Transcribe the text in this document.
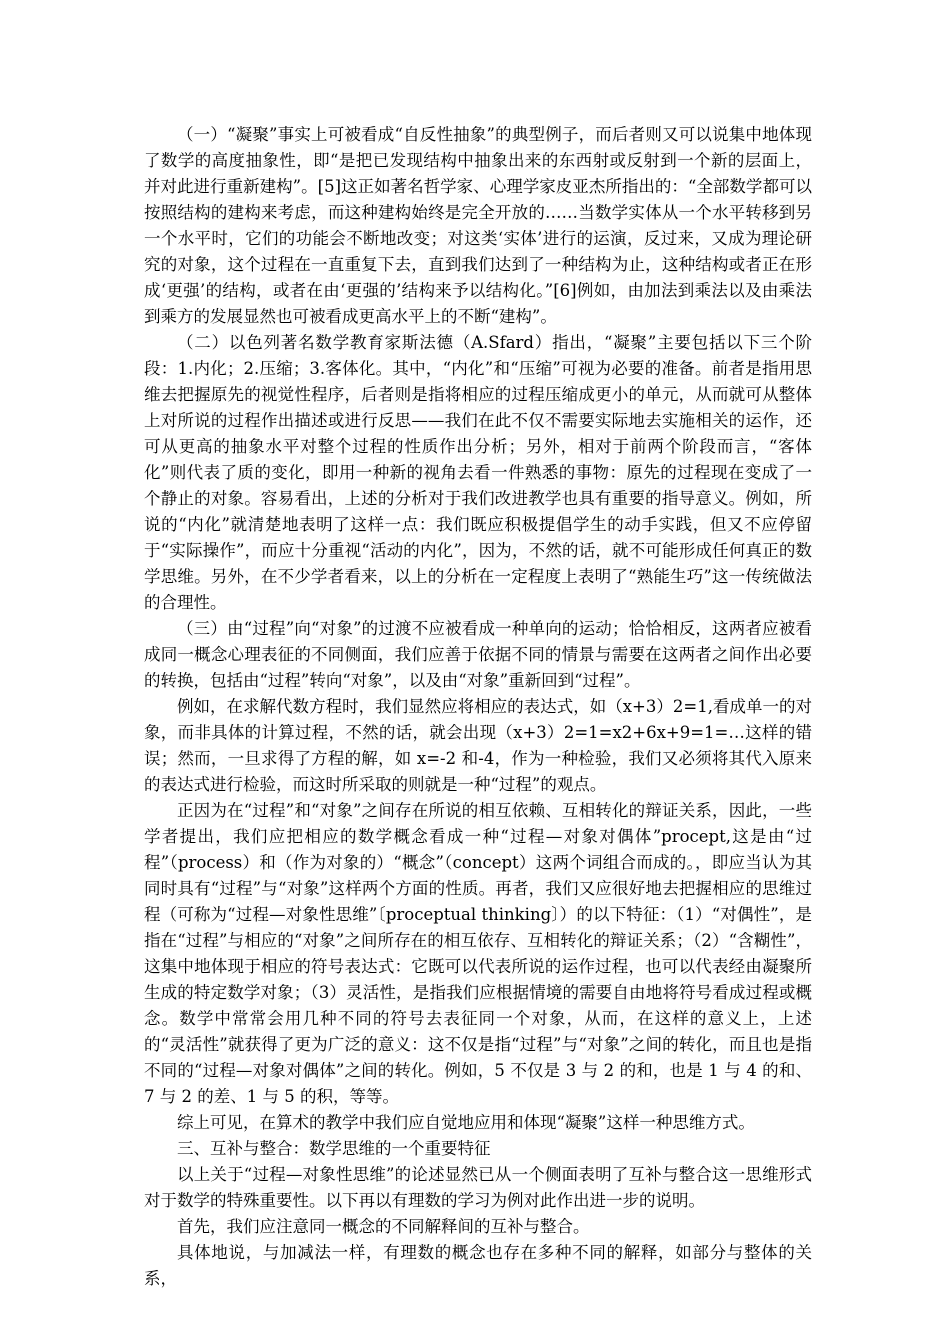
（一）“凝聚”事实上可被看成“自反性抽象”的典型例子，而后者则又可以说集中地体现了数学的高度抽象性，即“是把已发现结构中抽象出来的东西射或反射到一个新的层面上，并对此进行重新建构”。[5]这正如著名哲学家、心理学家皮亚杰所指出的：“全部数学都可以按照结构的建构来考虑，而这种建构始终是完全开放的……当数学实体从一个水平转移到另一个水平时，它们的功能会不断地改变；对这类‘实体’进行的运演，反过来，又成为理论研究的对象，这个过程在一直重复下去，直到我们达到了一种结构为止，这种结构或者正在形成‘更强’的结构，或者在由‘更强的’结构来予以结构化。”[6]例如，由加法到乘法以及由乘法到乘方的发展显然也可被看成更高水平上的不断“建构”。

（二）以色列著名数学教育家斯法德（A.Sfard）指出，“凝聚”主要包括以下三个阶段：1.内化；2.压缩；3.客体化。其中，“内化”和“压缩”可视为必要的准备。前者是指用思维去把握原先的视觉性程序，后者则是指将相应的过程压缩成更小的单元，从而就可从整体上对所说的过程作出描述或进行反思——我们在此不仅不需要实际地去实施相关的运作，还可从更高的抽象水平对整个过程的性质作出分析；另外，相对于前两个阶段而言，“客体化”则代表了质的变化，即用一种新的视角去看一件熟悉的事物：原先的过程现在变成了一个静止的对象。容易看出，上述的分析对于我们改进教学也具有重要的指导意义。例如，所说的“内化”就清楚地表明了这样一点：我们既应积极提倡学生的动手实践，但又不应停留于“实际操作”，而应十分重视“活动的内化”，因为，不然的话，就不可能形成任何真正的数学思维。另外，在不少学者看来，以上的分析在一定程度上表明了“熟能生巧”这一传统做法的合理性。

（三）由“过程”向“对象”的过渡不应被看成一种单向的运动；恰恰相反，这两者应被看成同一概念心理表征的不同侧面，我们应善于依据不同的情景与需要在这两者之间作出必要的转换，包括由“过程”转向“对象”，以及由“对象”重新回到“过程”。

例如，在求解代数方程时，我们显然应将相应的表达式，如（x+3）2=1,看成单一的对象，而非具体的计算过程，不然的话，就会出现（x+3）2=1=x2+6x+9=1=…这样的错误；然而，一旦求得了方程的解，如 x=-2 和-4，作为一种检验，我们又必须将其代入原来的表达式进行检验，而这时所采取的则就是一种“过程”的观点。

正因为在“过程”和“对象”之间存在所说的相互依赖、互相转化的辩证关系，因此，一些学者提出，我们应把相应的数学概念看成一种“过程—对象对偶体”procept,这是由“过程”（process）和（作为对象的）“概念”（concept）这两个词组合而成的。，即应当认为其同时具有“过程”与“对象”这样两个方面的性质。再者，我们又应很好地去把握相应的思维过程（可称为“过程—对象性思维”〔proceptual thinking〕）的以下特征：（1）“对偶性”，是指在“过程”与相应的“对象”之间所存在的相互依存、互相转化的辩证关系；（2）“含糊性”，这集中地体现于相应的符号表达式：它既可以代表所说的运作过程，也可以代表经由凝聚所生成的特定数学对象；（3）灵活性，是指我们应根据情境的需要自由地将符号看成过程或概念。数学中常常会用几种不同的符号去表征同一个对象，从而，在这样的意义上，上述的“灵活性”就获得了更为广泛的意义：这不仅是指“过程”与“对象”之间的转化，而且也是指不同的“过程—对象对偶体”之间的转化。例如，5 不仅是 3 与 2 的和，也是 1 与 4 的和、7 与 2 的差、1 与 5 的积，等等。

综上可见，在算术的教学中我们应自觉地应用和体现“凝聚”这样一种思维方式。

三、互补与整合：数学思维的一个重要特征

以上关于“过程—对象性思维”的论述显然已从一个侧面表明了互补与整合这一思维形式对于数学的特殊重要性。以下再以有理数的学习为例对此作出进一步的说明。

首先，我们应注意同一概念的不同解释间的互补与整合。

具体地说，与加减法一样，有理数的概念也存在多种不同的解释，如部分与整体的关系，
